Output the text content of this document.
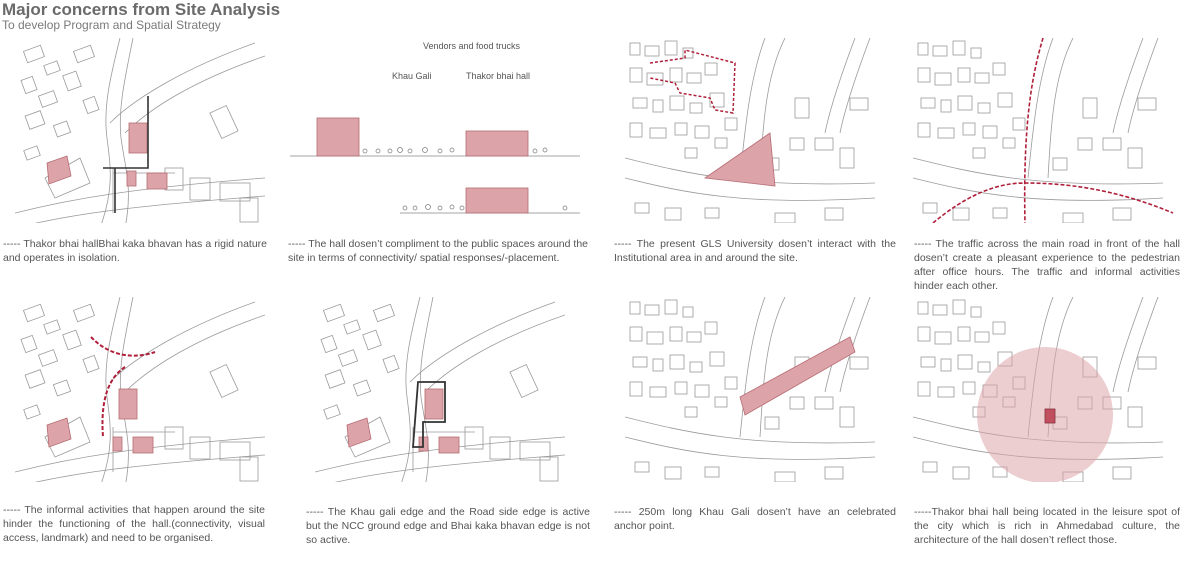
Major concerns from Site Analysis
To develop Program and Spatial Strategy
Vendors and food trucks
Khau Gali	Thakor bhai hall
----- Thakor bhai hallBhai kaka bhavan has a rigid nature and operates in isolation.
----- The hall dosen’t compliment to the public spaces around the site in terms of connectivity/ spatial responses/-placement.
----- The present GLS University dosen’t interact with the Institutional area in and around the site.
----- The traffic across the main road in front of the hall dosen’t create a pleasant experience to the pedestrian after office hours. The traffic and informal activities hinder each other.
----- The informal activities that happen around the site hinder the functioning of the hall.(connectivity, visual access, landmark) and need to be organised.
----- The Khau gali edge and the Road side edge is active but the NCC ground edge and Bhai kaka bhavan edge is not so active.
----- 250m long Khau Gali dosen’t have an celebrated anchor point.
-----Thakor bhai hall being located in the leisure spot of the city which is rich in Ahmedabad culture, the architecture of the hall dosen’t reflect those.
